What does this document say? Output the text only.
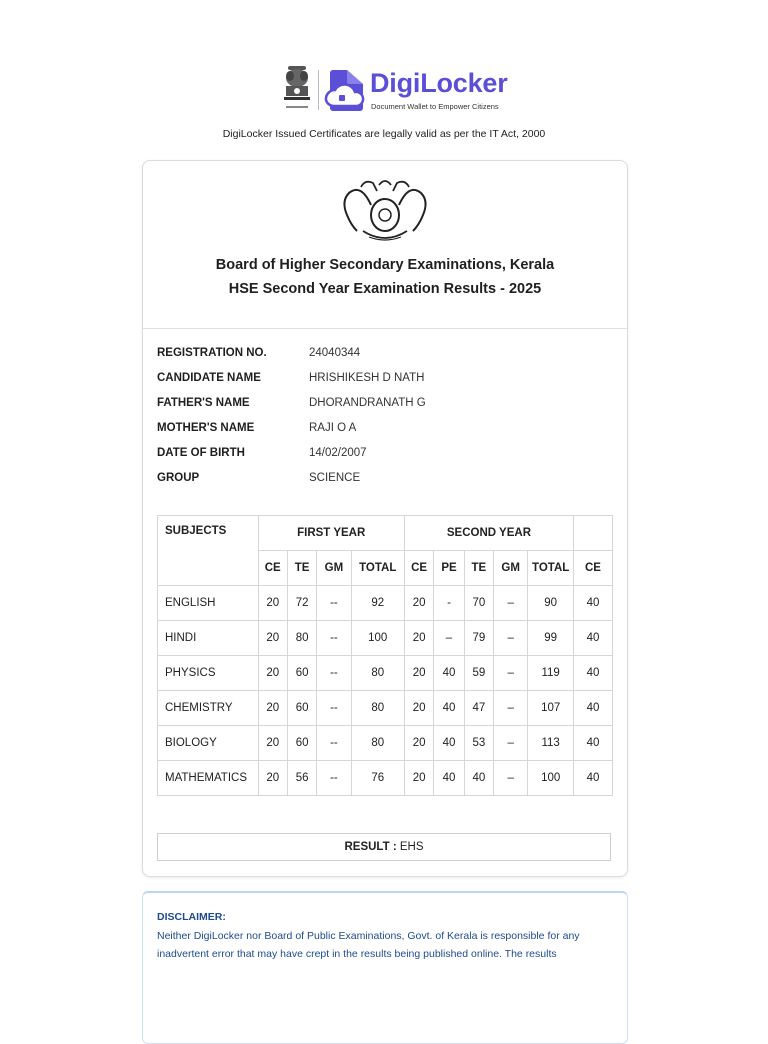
DigiLocker
Document Wallet to Empower Citizens
DigiLocker Issued Certificates are legally valid as per the IT Act, 2000
Board of Higher Secondary Examinations, Kerala
HSE Second Year Examination Results - 2025
REGISTRATION NO.	24040344
CANDIDATE NAME	HRISHIKESH D NATH
FATHER'S NAME	DHORANDRANATH G
MOTHER'S NAME	RAJI O A
DATE OF BIRTH	14/02/2007
GROUP	SCIENCE
SUBJECTS	FIRST YEAR				SECOND YEAR					
	CE	TE	GM	TOTAL	CE	PE	TE	GM	TOTAL	CE
ENGLISH	20	72	--	92	20	-	70	–	90	40
HINDI	20	80	--	100	20	–	79	–	99	40
PHYSICS	20	60	--	80	20	40	59	–	119	40
CHEMISTRY	20	60	--	80	20	40	47	–	107	40
BIOLOGY	20	60	--	80	20	40	53	–	113	40
MATHEMATICS	20	56	--	76	20	40	40	–	100	40
RESULT : EHS
DISCLAIMER:
Neither DigiLocker nor Board of Public Examinations, Govt. of Kerala is responsible for any inadvertent error that may have crept in the results being published online. The results
